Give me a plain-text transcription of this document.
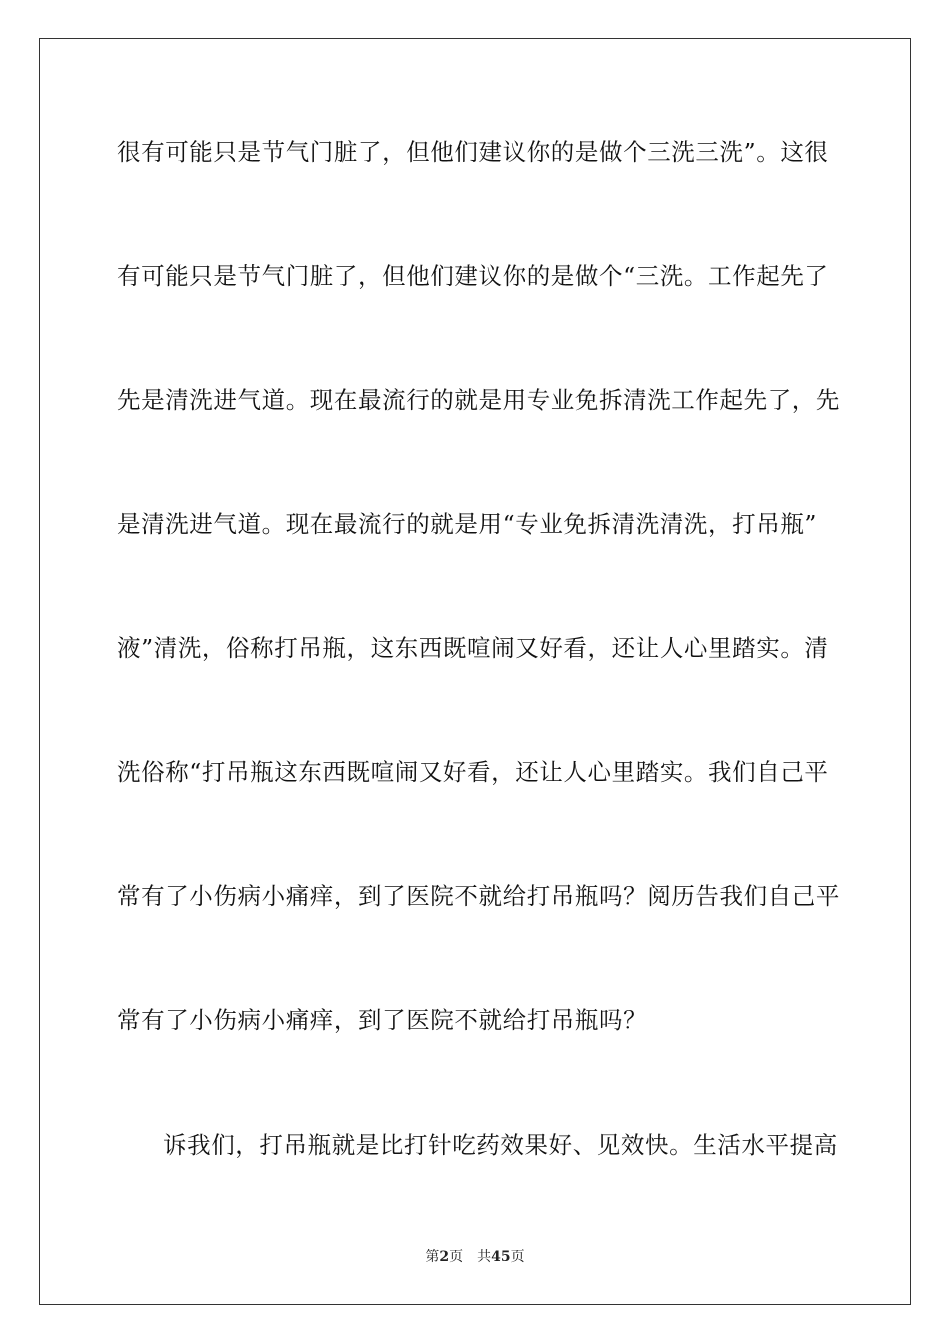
很有可能只是节气门脏了，但他们建议你的是做个三洗三洗”。这很
有可能只是节气门脏了，但他们建议你的是做个“三洗。工作起先了
先是清洗进气道。现在最流行的就是用专业免拆清洗工作起先了，先
是清洗进气道。现在最流行的就是用“专业免拆清洗清洗，打吊瓶”
液”清洗，俗称打吊瓶，这东西既喧闹又好看，还让人心里踏实。清
洗俗称“打吊瓶这东西既喧闹又好看，还让人心里踏实。我们自己平
常有了小伤病小痛痒，到了医院不就给打吊瓶吗？阅历告我们自己平
常有了小伤病小痛痒，到了医院不就给打吊瓶吗？
诉我们，打吊瓶就是比打针吃药效果好、见效快。生活水平提高
第2页 共45页
